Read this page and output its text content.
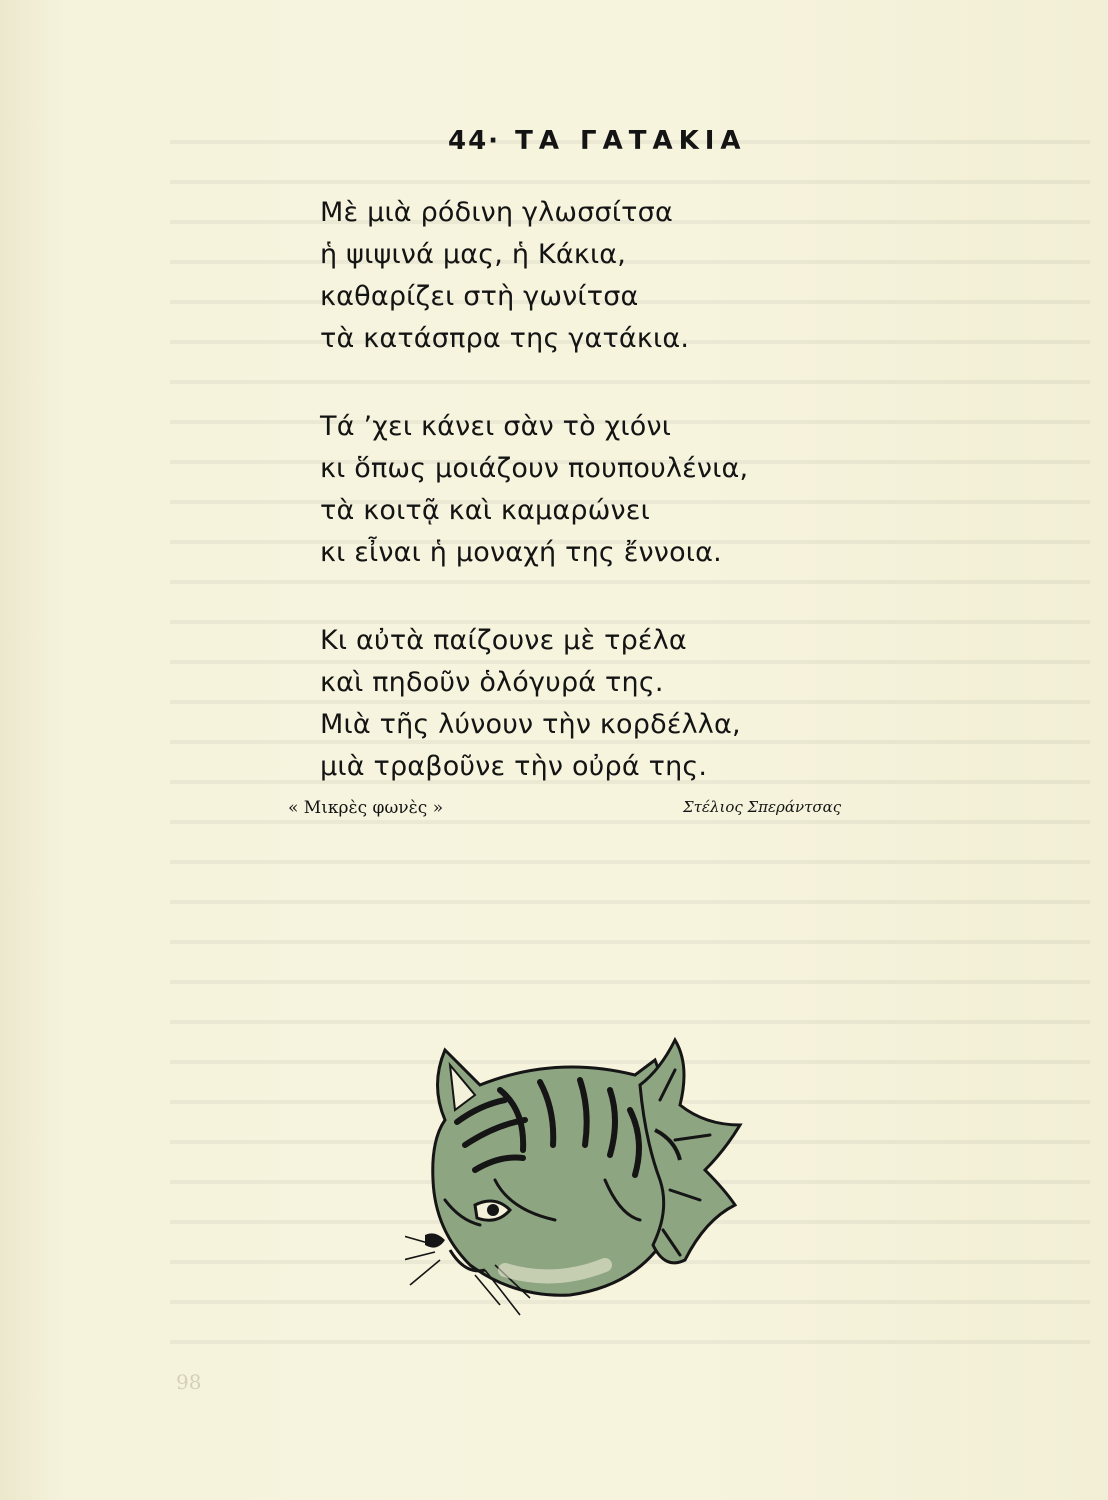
44· ΤΑ ΓΑΤΑΚΙΑ
Μὲ μιὰ ρόδινη γλωσσίτσα
ἡ ψιψινά μας, ἡ Κάκια,
καθαρίζει στὴ γωνίτσα
τὰ κατάσπρα της γατάκια.
Τά ’χει κάνει σὰν τὸ χιόνι
κι ὅπως μοιάζουν πουπουλένια,
τὰ κοιτᾷ καὶ καμαρώνει
κι εἶναι ἡ μοναχή της ἔννοια.
Κι αὐτὰ παίζουνε μὲ τρέλα
καὶ πηδοῦν ὁλόγυρά της.
Μιὰ τῆς λύνουν τὴν κορδέλλα,
μιὰ τραβοῦνε τὴν οὐρά της.
« Μικρὲς φωνὲς »	Στέλιος Σπεράντσας
98
